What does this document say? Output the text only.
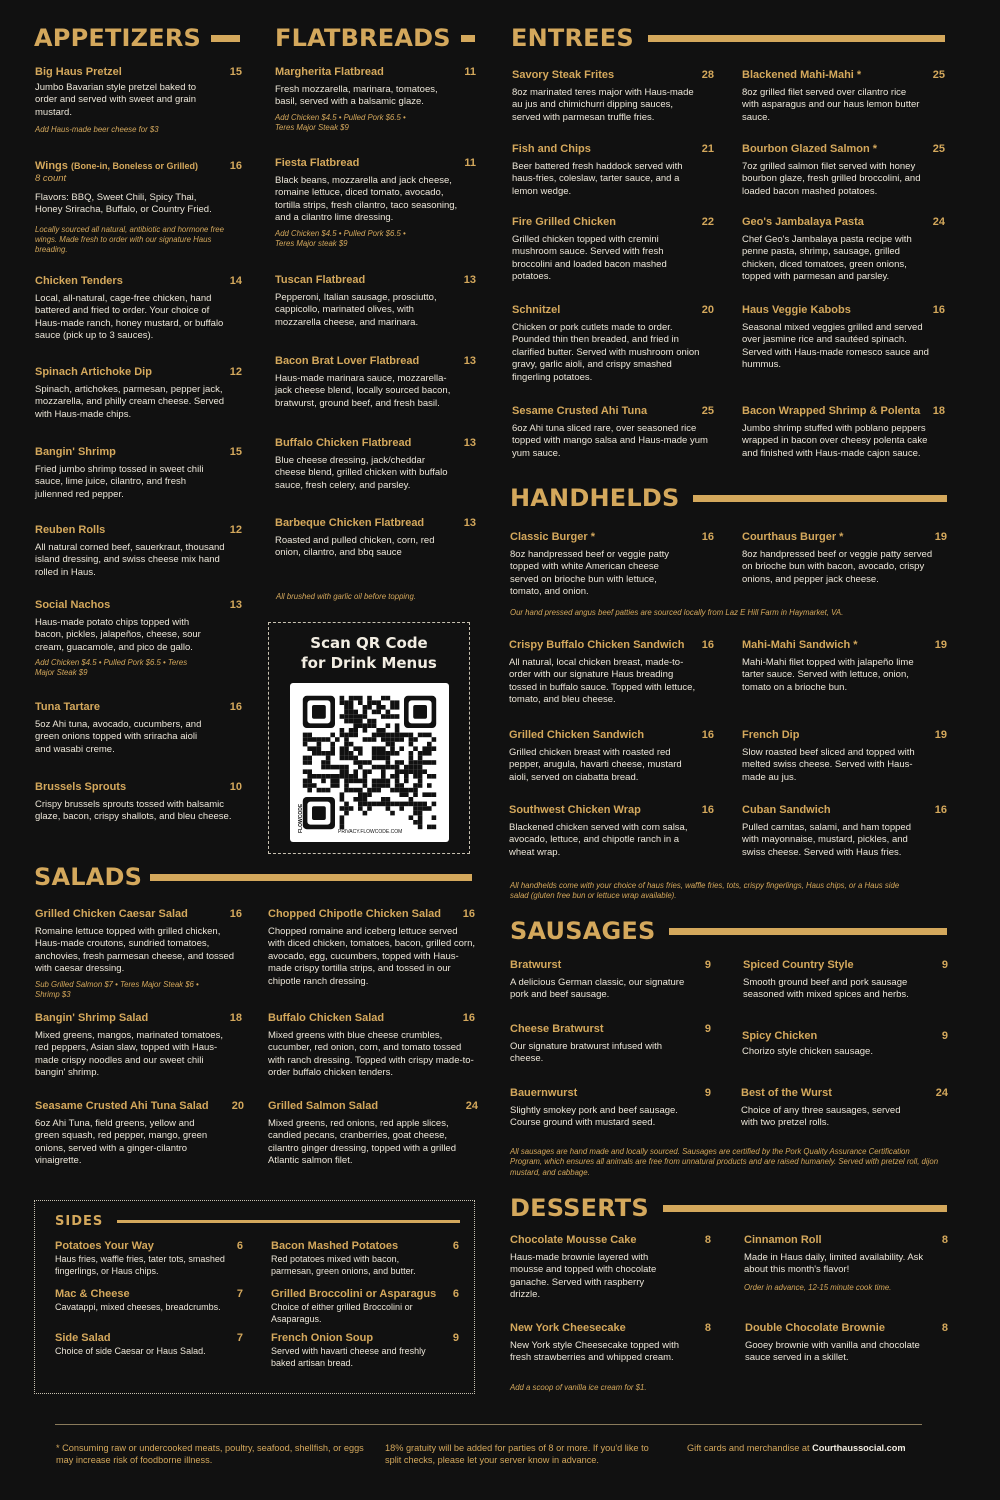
APPETIZERS	FLATBREADS	ENTREES
HANDHELDS
SALADS
SAUSAGES
DESSERTS
Big Haus Pretzel	15
Jumbo Bavarian style pretzel baked to order and served with sweet and grain mustard.
Add Haus-made beer cheese for $3
Wings (Bone-in, Boneless or Grilled)	16
8 count
Flavors: BBQ, Sweet Chili, Spicy Thai, Honey Sriracha, Buffalo, or Country Fried.
Locally sourced all natural, antibiotic and hormone free wings. Made fresh to order with our signature Haus breading.
Chicken Tenders	14
Local, all-natural, cage-free chicken, hand battered and fried to order. Your choice of Haus-made ranch, honey mustard, or buffalo sauce (pick up to 3 sauces).
Spinach Artichoke Dip	12
Spinach, artichokes, parmesan, pepper jack, mozzarella, and philly cream cheese. Served with Haus-made chips.
Bangin' Shrimp	15
Fried jumbo shrimp tossed in sweet chili sauce, lime juice, cilantro, and fresh julienned red pepper.
Reuben Rolls	12
All natural corned beef, sauerkraut, thousand island dressing, and swiss cheese mix hand rolled in Haus.
Social Nachos	13
Haus-made potato chips topped with bacon, pickles, jalapeños, cheese, sour cream, guacamole, and pico de gallo.
Add Chicken $4.5 • Pulled Pork $6.5 • Teres Major Steak $9
Tuna Tartare	16
5oz Ahi tuna, avocado, cucumbers, and green onions topped with sriracha aioli and wasabi creme.
Brussels Sprouts	10
Crispy brussels sprouts tossed with balsamic glaze, bacon, crispy shallots, and bleu cheese.
Margherita Flatbread	11
Fresh mozzarella, marinara, tomatoes, basil, served with a balsamic glaze.
Add Chicken $4.5 • Pulled Pork $6.5 • Teres Major Steak $9
Fiesta Flatbread	11
Black beans, mozzarella and jack cheese, romaine lettuce, diced tomato, avocado, tortilla strips, fresh cilantro, taco seasoning, and a cilantro lime dressing.
Add Chicken $4.5 • Pulled Pork $6.5 • Teres Major steak $9
Tuscan Flatbread	13
Pepperoni, Italian sausage, prosciutto, cappicollo, marinated olives, with mozzarella cheese, and marinara.
Bacon Brat Lover Flatbread	13
Haus-made marinara sauce, mozzarella-jack cheese blend, locally sourced bacon, bratwurst, ground beef, and fresh basil.
Buffalo Chicken Flatbread	13
Blue cheese dressing, jack/cheddar cheese blend, grilled chicken with buffalo sauce, fresh celery, and parsley.
Barbeque Chicken Flatbread	13
Roasted and pulled chicken, corn, red onion, cilantro, and bbq sauce
All brushed with garlic oil before topping.
Scan QR Code
for Drink Menus
FLOWCODE	PRIVACY.FLOWCODE.COM
Savory Steak Frites	28
8oz marinated teres major with Haus-made au jus and chimichurri dipping sauces, served with parmesan truffle fries.
Blackened Mahi-Mahi *	25
8oz grilled filet served over cilantro rice with asparagus and our haus lemon butter sauce.
Fish and Chips	21
Beer battered fresh haddock served with haus-fries, coleslaw, tarter sauce, and a lemon wedge.
Bourbon Glazed Salmon *	25
7oz grilled salmon filet served with honey bourbon glaze, fresh grilled broccolini, and loaded bacon mashed potatoes.
Fire Grilled Chicken	22
Grilled chicken topped with cremini mushroom sauce. Served with fresh broccolini and loaded bacon mashed potatoes.
Geo's Jambalaya Pasta	24
Chef Geo's Jambalaya pasta recipe with penne pasta, shrimp, sausage, grilled chicken, diced tomatoes, green onions, topped with parmesan and parsley.
Schnitzel	20
Chicken or pork cutlets made to order. Pounded thin then breaded, and fried in clarified butter. Served with mushroom onion gravy, garlic aioli, and crispy smashed fingerling potatoes.
Haus Veggie Kabobs	16
Seasonal mixed veggies grilled and served over jasmine rice and sautéed spinach. Served with Haus-made romesco sauce and hummus.
Sesame Crusted Ahi Tuna	25
6oz Ahi tuna sliced rare, over seasoned rice topped with mango salsa and Haus-made yum yum sauce.
Bacon Wrapped Shrimp & Polenta 18
Jumbo shrimp stuffed with poblano peppers wrapped in bacon over cheesy polenta cake and finished with Haus-made cajon sauce.
Classic Burger *	16
8oz handpressed beef or veggie patty topped with white American cheese served on brioche bun with lettuce, tomato, and onion.
Courthaus Burger *	19
8oz handpressed beef or veggie patty served on brioche bun with bacon, avocado, crispy onions, and pepper jack cheese.
Our hand pressed angus beef patties are sourced locally from Laz E Hill Farm in Haymarket, VA.
Crispy Buffalo Chicken Sandwich 16
All natural, local chicken breast, made-to-order with our signature Haus breading tossed in buffalo sauce. Topped with lettuce, tomato, and bleu cheese.
Mahi-Mahi Sandwich *	19
Mahi-Mahi filet topped with jalapeño lime tarter sauce. Served with lettuce, onion, tomato on a brioche bun.
Grilled Chicken Sandwich	16
Grilled chicken breast with roasted red pepper, arugula, havarti cheese, mustard aioli, served on ciabatta bread.
French Dip	19
Slow roasted beef sliced and topped with melted swiss cheese. Served with Haus-made au jus.
Southwest Chicken Wrap	16
Blackened chicken served with corn salsa, avocado, lettuce, and chipotle ranch in a wheat wrap.
Cuban Sandwich	16
Pulled carnitas, salami, and ham topped with mayonnaise, mustard, pickles, and swiss cheese. Served with Haus fries.
All handhelds come with your choice of haus fries, waffle fries, tots, crispy fingerlings, Haus chips, or a Haus side salad (gluten free bun or lettuce wrap available).
Grilled Chicken Caesar Salad	16
Romaine lettuce topped with grilled chicken, Haus-made croutons, sundried tomatoes, anchovies, fresh parmesan cheese, and tossed with caesar dressing.
Sub Grilled Salmon $7 • Teres Major Steak $6 • Shrimp $3
Chopped Chipotle Chicken Salad 16
Chopped romaine and iceberg lettuce served with diced chicken, tomatoes, bacon, grilled corn, avocado, egg, cucumbers, topped with Haus-made crispy tortilla strips, and tossed in our chipotle ranch dressing.
Bangin' Shrimp Salad	18
Mixed greens, mangos, marinated tomatoes, red peppers, Asian slaw, topped with Haus-made crispy noodles and our sweet chili bangin' shrimp.
Buffalo Chicken Salad	16
Mixed greens with blue cheese crumbles, cucumber, red onion, corn, and tomato tossed with ranch dressing. Topped with crispy made-to-order buffalo chicken tenders.
Seasame Crusted Ahi Tuna Salad 20
6oz Ahi Tuna, field greens, yellow and green squash, red pepper, mango, green onions, served with a ginger-cilantro vinaigrette.
Grilled Salmon Salad	24
Mixed greens, red onions, red apple slices, candied pecans, cranberries, goat cheese, cilantro ginger dressing, topped with a grilled Atlantic salmon filet.
SIDES
Potatoes Your Way	6
Haus fries, waffle fries, tater tots, smashed fingerlings, or Haus chips.
Bacon Mashed Potatoes	6
Red potatoes mixed with bacon, parmesan, green onions, and butter.
Mac & Cheese	7
Cavatappi, mixed cheeses, breadcrumbs.
Grilled Broccolini or Asparagus 6
Choice of either grilled Broccolini or Asaparagus.
Side Salad	7
Choice of side Caesar or Haus Salad.
French Onion Soup	9
Served with havarti cheese and freshly baked artisan bread.
Bratwurst	9
A delicious German classic, our signature pork and beef sausage.
Spiced Country Style	9
Smooth ground beef and pork sausage seasoned with mixed spices and herbs.
Cheese Bratwurst	9
Our signature bratwurst infused with cheese.
Spicy Chicken	9
Chorizo style chicken sausage.
Bauernwurst	9
Slightly smokey pork and beef sausage. Course ground with mustard seed.
Best of the Wurst	24
Choice of any three sausages, served with two pretzel rolls.
All sausages are hand made and locally sourced. Sausages are certified by the Pork Quality Assurance Certification Program, which ensures all animals are free from unnatural products and are raised humanely. Served with pretzel roll, dijon mustard, and cabbage.
Chocolate Mousse Cake	8
Haus-made brownie layered with mousse and topped with chocolate ganache. Served with raspberry drizzle.
Cinnamon Roll	8
Made in Haus daily, limited availability. Ask about this month's flavor!
Order in advance, 12-15 minute cook time.
New York Cheesecake	8
New York style Cheesecake topped with fresh strawberries and whipped cream.
Double Chocolate Brownie	8
Gooey brownie with vanilla and chocolate sauce served in a skillet.
Add a scoop of vanilla ice cream for $1.
* Consuming raw or undercooked meats, poultry, seafood, shellfish, or eggs may increase risk of foodborne illness.
18% gratuity will be added for parties of 8 or more. If you'd like to split checks, please let your server know in advance.
Gift cards and merchandise at Courthaussocial.com
